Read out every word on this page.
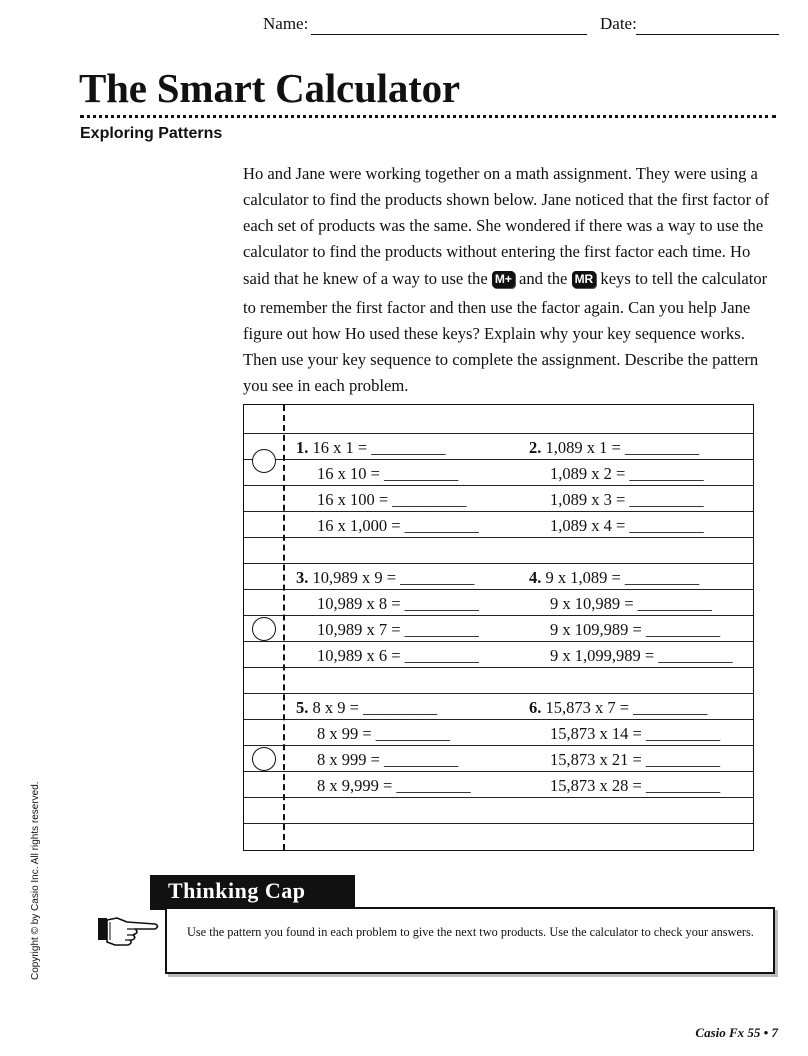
Name:	Date:
The Smart Calculator
Exploring Patterns
Ho and Jane were working together on a math assignment. They were using a
calculator to find the products shown below. Jane noticed that the first factor of
each set of products was the same. She wondered if there was a way to use the
calculator to find the products without entering the first factor each time. Ho
said that he knew of a way to use the M+ and the MR keys to tell the calculator
to remember the first factor and then use the factor again. Can you help Jane
figure out how Ho used these keys? Explain why your key sequence works.
Then use your key sequence to complete the assignment. Describe the pattern
you see in each problem.
1. 16 x 1 = _________
16 x 10 = _________
16 x 100 = _________
16 x 1,000 = _________
2. 1,089 x 1 = _________
1,089 x 2 = _________
1,089 x 3 = _________
1,089 x 4 = _________
3. 10,989 x 9 = _________
10,989 x 8 = _________
10,989 x 7 = _________
10,989 x 6 = _________
4. 9 x 1,089 = _________
9 x 10,989 = _________
9 x 109,989 = _________
9 x 1,099,989 = _________
5. 8 x 9 = _________
8 x 99 = _________
8 x 999 = _________
8 x 9,999 = _________
6. 15,873 x 7 = _________
15,873 x 14 = _________
15,873 x 21 = _________
15,873 x 28 = _________
Thinking Cap
Use the pattern you found in each problem to give the next two products. Use the calculator to check your answers.
Copyright © by Casio Inc. All rights reserved.
Casio Fx 55 • 7
